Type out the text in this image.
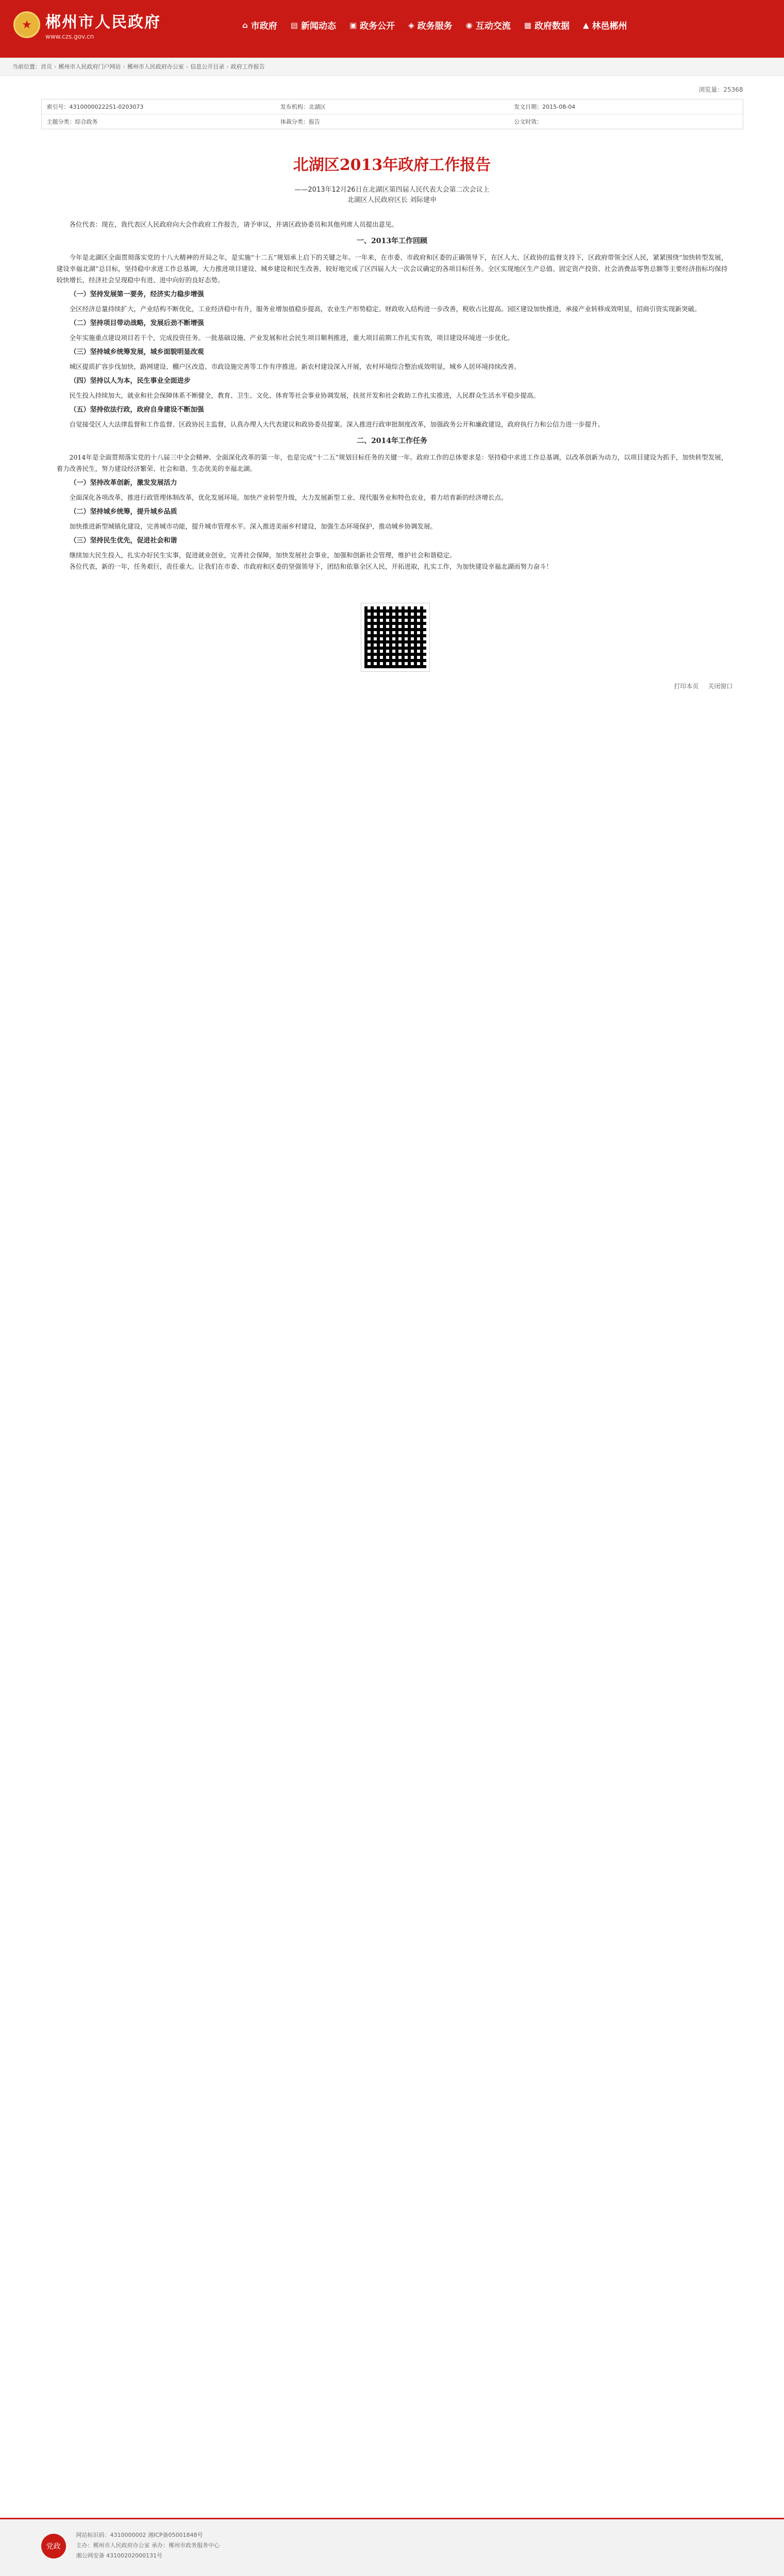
★ 郴州市人民政府
www.czs.gov.cn
⌂ 市政府 ▤ 新闻动态 ▣ 政务公开 ◈ 政务服务 ◉ 互动交流 ▦ 政府数据 ▲ 林邑郴州
当前位置： 首页 › 郴州市人民政府门户网站 › 郴州市人民政府办公室 › 信息公开目录 › 政府工作报告
浏览量：25368
索引号：43100000222S1-0203073	发布机构：北湖区	发文日期：2015-08-04
主题分类：综合政务	体裁分类：报告	公文时效：
北湖区2013年政府工作报告
——2013年12月26日在北湖区第四届人民代表大会第二次会议上
北湖区人民政府区长 刘际建申

各位代表：现在，我代表区人民政府向大会作政府工作报告，请予审议，并请区政协委员和其他列席人员提出意见。

一、2013年工作回顾

今年是北湖区全面贯彻落实党的十八大精神的开局之年，是实施“十二五”规划承上启下的关键之年。一年来，在市委、市政府和区委的正确领导下，在区人大、区政协的监督支持下，区政府带领全区人民，紧紧围绕“加快转型发展，建设幸福北湖”总目标，坚持稳中求进工作总基调，大力推进项目建设、城乡建设和民生改善，较好地完成了区四届人大一次会议确定的各项目标任务。全区实现地区生产总值、固定资产投资、社会消费品零售总额等主要经济指标均保持较快增长，经济社会呈现稳中有进、进中向好的良好态势。

（一）坚持发展第一要务，经济实力稳步增强

全区经济总量持续扩大，产业结构不断优化，工业经济稳中有升，服务业增加值稳步提高，农业生产形势稳定。财政收入结构进一步改善，税收占比提高。园区建设加快推进，承接产业转移成效明显，招商引资实现新突破。

（二）坚持项目带动战略，发展后劲不断增强

全年实施重点建设项目若干个，完成投资任务。一批基础设施、产业发展和社会民生项目顺利推进，重大项目前期工作扎实有效，项目建设环境进一步优化。

（三）坚持城乡统筹发展，城乡面貌明显改观

城区提质扩容步伐加快，路网建设、棚户区改造、市政设施完善等工作有序推进。新农村建设深入开展，农村环境综合整治成效明显，城乡人居环境持续改善。

（四）坚持以人为本，民生事业全面进步

民生投入持续加大，就业和社会保障体系不断健全，教育、卫生、文化、体育等社会事业协调发展，扶贫开发和社会救助工作扎实推进，人民群众生活水平稳步提高。

（五）坚持依法行政，政府自身建设不断加强

自觉接受区人大法律监督和工作监督、区政协民主监督，认真办理人大代表建议和政协委员提案。深入推进行政审批制度改革，加强政务公开和廉政建设，政府执行力和公信力进一步提升。

二、2014年工作任务

2014年是全面贯彻落实党的十八届三中全会精神、全面深化改革的第一年，也是完成“十二五”规划目标任务的关键一年。政府工作的总体要求是：坚持稳中求进工作总基调，以改革创新为动力，以项目建设为抓手，加快转型发展，着力改善民生，努力建设经济繁荣、社会和谐、生态优美的幸福北湖。

（一）坚持改革创新，激发发展活力

全面深化各项改革，推进行政管理体制改革，优化发展环境。加快产业转型升级，大力发展新型工业、现代服务业和特色农业，着力培育新的经济增长点。

（二）坚持城乡统筹，提升城乡品质

加快推进新型城镇化建设，完善城市功能，提升城市管理水平。深入推进美丽乡村建设，加强生态环境保护，推动城乡协调发展。

（三）坚持民生优先，促进社会和谐

继续加大民生投入，扎实办好民生实事，促进就业创业，完善社会保障，加快发展社会事业，加强和创新社会管理，维护社会和谐稳定。

各位代表，新的一年，任务艰巨，责任重大。让我们在市委、市政府和区委的坚强领导下，团结和依靠全区人民，开拓进取，扎实工作，为加快建设幸福北湖而努力奋斗！

打印本页 关闭窗口
党政
网站标识码：4310000002 湘ICP备05001848号
主办：郴州市人民政府办公室 承办：郴州市政务服务中心
湘公网安备 43100202000131号
